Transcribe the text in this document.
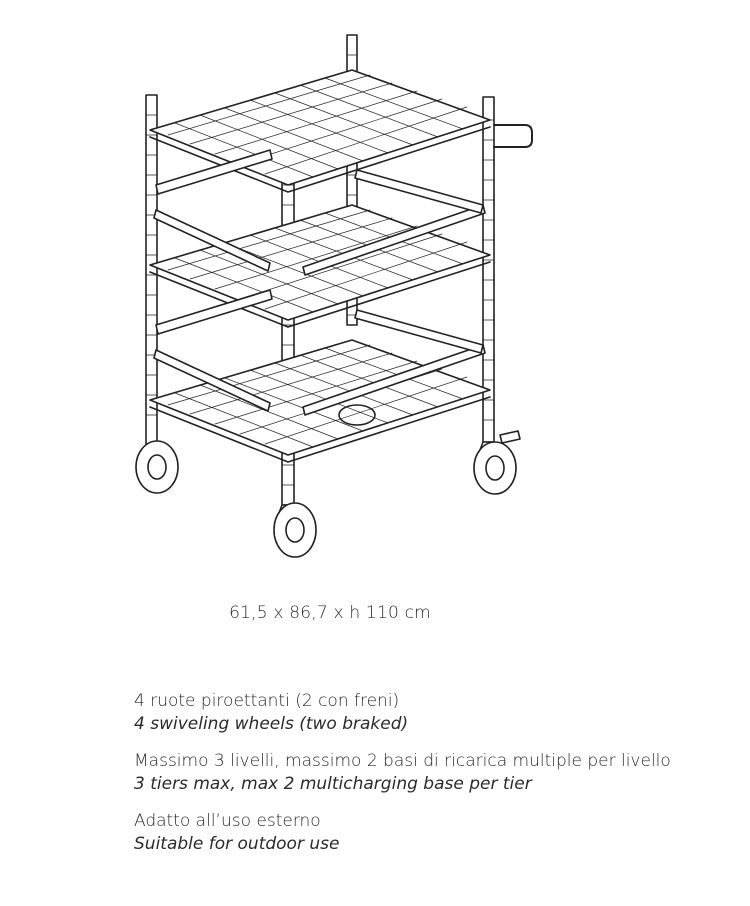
61,5 x 86,7 x h 110 cm
4 ruote piroettanti (2 con freni)
4 swiveling wheels (two braked)
Massimo 3 livelli, massimo 2 basi di ricarica multiple per livello
3 tiers max, max 2 multicharging base per tier
Adatto all’uso esterno
Suitable for outdoor use
